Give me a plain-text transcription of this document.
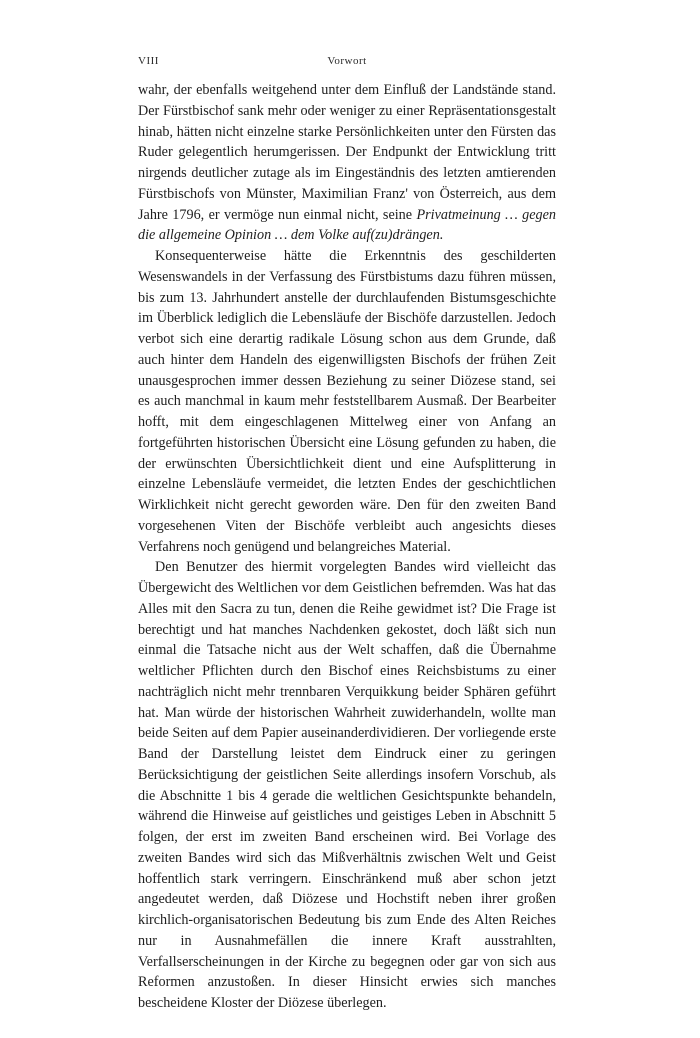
VIII	Vorwort

wahr, der ebenfalls weitgehend unter dem Einfluß der Landstände stand. Der Fürstbischof sank mehr oder weniger zu einer Repräsentationsgestalt hinab, hätten nicht einzelne starke Persönlichkeiten unter den Fürsten das Ruder gelegentlich herumgerissen. Der Endpunkt der Entwicklung tritt nirgends deutlicher zutage als im Eingeständnis des letzten amtierenden Fürstbischofs von Münster, Maximilian Franz' von Österreich, aus dem Jahre 1796, er vermöge nun einmal nicht, seine Privatmeinung … gegen die allgemeine Opinion … dem Volke auf(zu)drängen.

Konsequenterweise hätte die Erkenntnis des geschilderten Wesenswandels in der Verfassung des Fürstbistums dazu führen müssen, bis zum 13. Jahrhundert anstelle der durchlaufenden Bistumsgeschichte im Überblick lediglich die Lebensläufe der Bischöfe darzustellen. Jedoch verbot sich eine derartig radikale Lösung schon aus dem Grunde, daß auch hinter dem Handeln des eigenwilligsten Bischofs der frühen Zeit unausgesprochen immer dessen Beziehung zu seiner Diözese stand, sei es auch manchmal in kaum mehr feststellbarem Ausmaß. Der Bearbeiter hofft, mit dem eingeschlagenen Mittelweg einer von Anfang an fortgeführten historischen Übersicht eine Lösung gefunden zu haben, die der erwünschten Übersichtlichkeit dient und eine Aufsplitterung in einzelne Lebensläufe vermeidet, die letzten Endes der geschichtlichen Wirklichkeit nicht gerecht geworden wäre. Den für den zweiten Band vorgesehenen Viten der Bischöfe verbleibt auch angesichts dieses Verfahrens noch genügend und belangreiches Material.

Den Benutzer des hiermit vorgelegten Bandes wird vielleicht das Übergewicht des Weltlichen vor dem Geistlichen befremden. Was hat das Alles mit den Sacra zu tun, denen die Reihe gewidmet ist? Die Frage ist berechtigt und hat manches Nachdenken gekostet, doch läßt sich nun einmal die Tatsache nicht aus der Welt schaffen, daß die Übernahme weltlicher Pflichten durch den Bischof eines Reichsbistums zu einer nachträglich nicht mehr trennbaren Verquikkung beider Sphären geführt hat. Man würde der historischen Wahrheit zuwiderhandeln, wollte man beide Seiten auf dem Papier auseinanderdividieren. Der vorliegende erste Band der Darstellung leistet dem Eindruck einer zu geringen Berücksichtigung der geistlichen Seite allerdings insofern Vorschub, als die Abschnitte 1 bis 4 gerade die weltlichen Gesichtspunkte behandeln, während die Hinweise auf geistliches und geistiges Leben in Abschnitt 5 folgen, der erst im zweiten Band erscheinen wird. Bei Vorlage des zweiten Bandes wird sich das Mißverhältnis zwischen Welt und Geist hoffentlich stark verringern. Einschränkend muß aber schon jetzt angedeutet werden, daß Diözese und Hochstift neben ihrer großen kirchlich-organisatorischen Bedeutung bis zum Ende des Alten Reiches nur in Ausnahmefällen die innere Kraft ausstrahlten, Verfallserscheinungen in der Kirche zu begegnen oder gar von sich aus Reformen anzustoßen. In dieser Hinsicht erwies sich manches bescheidene Kloster der Diözese überlegen.
